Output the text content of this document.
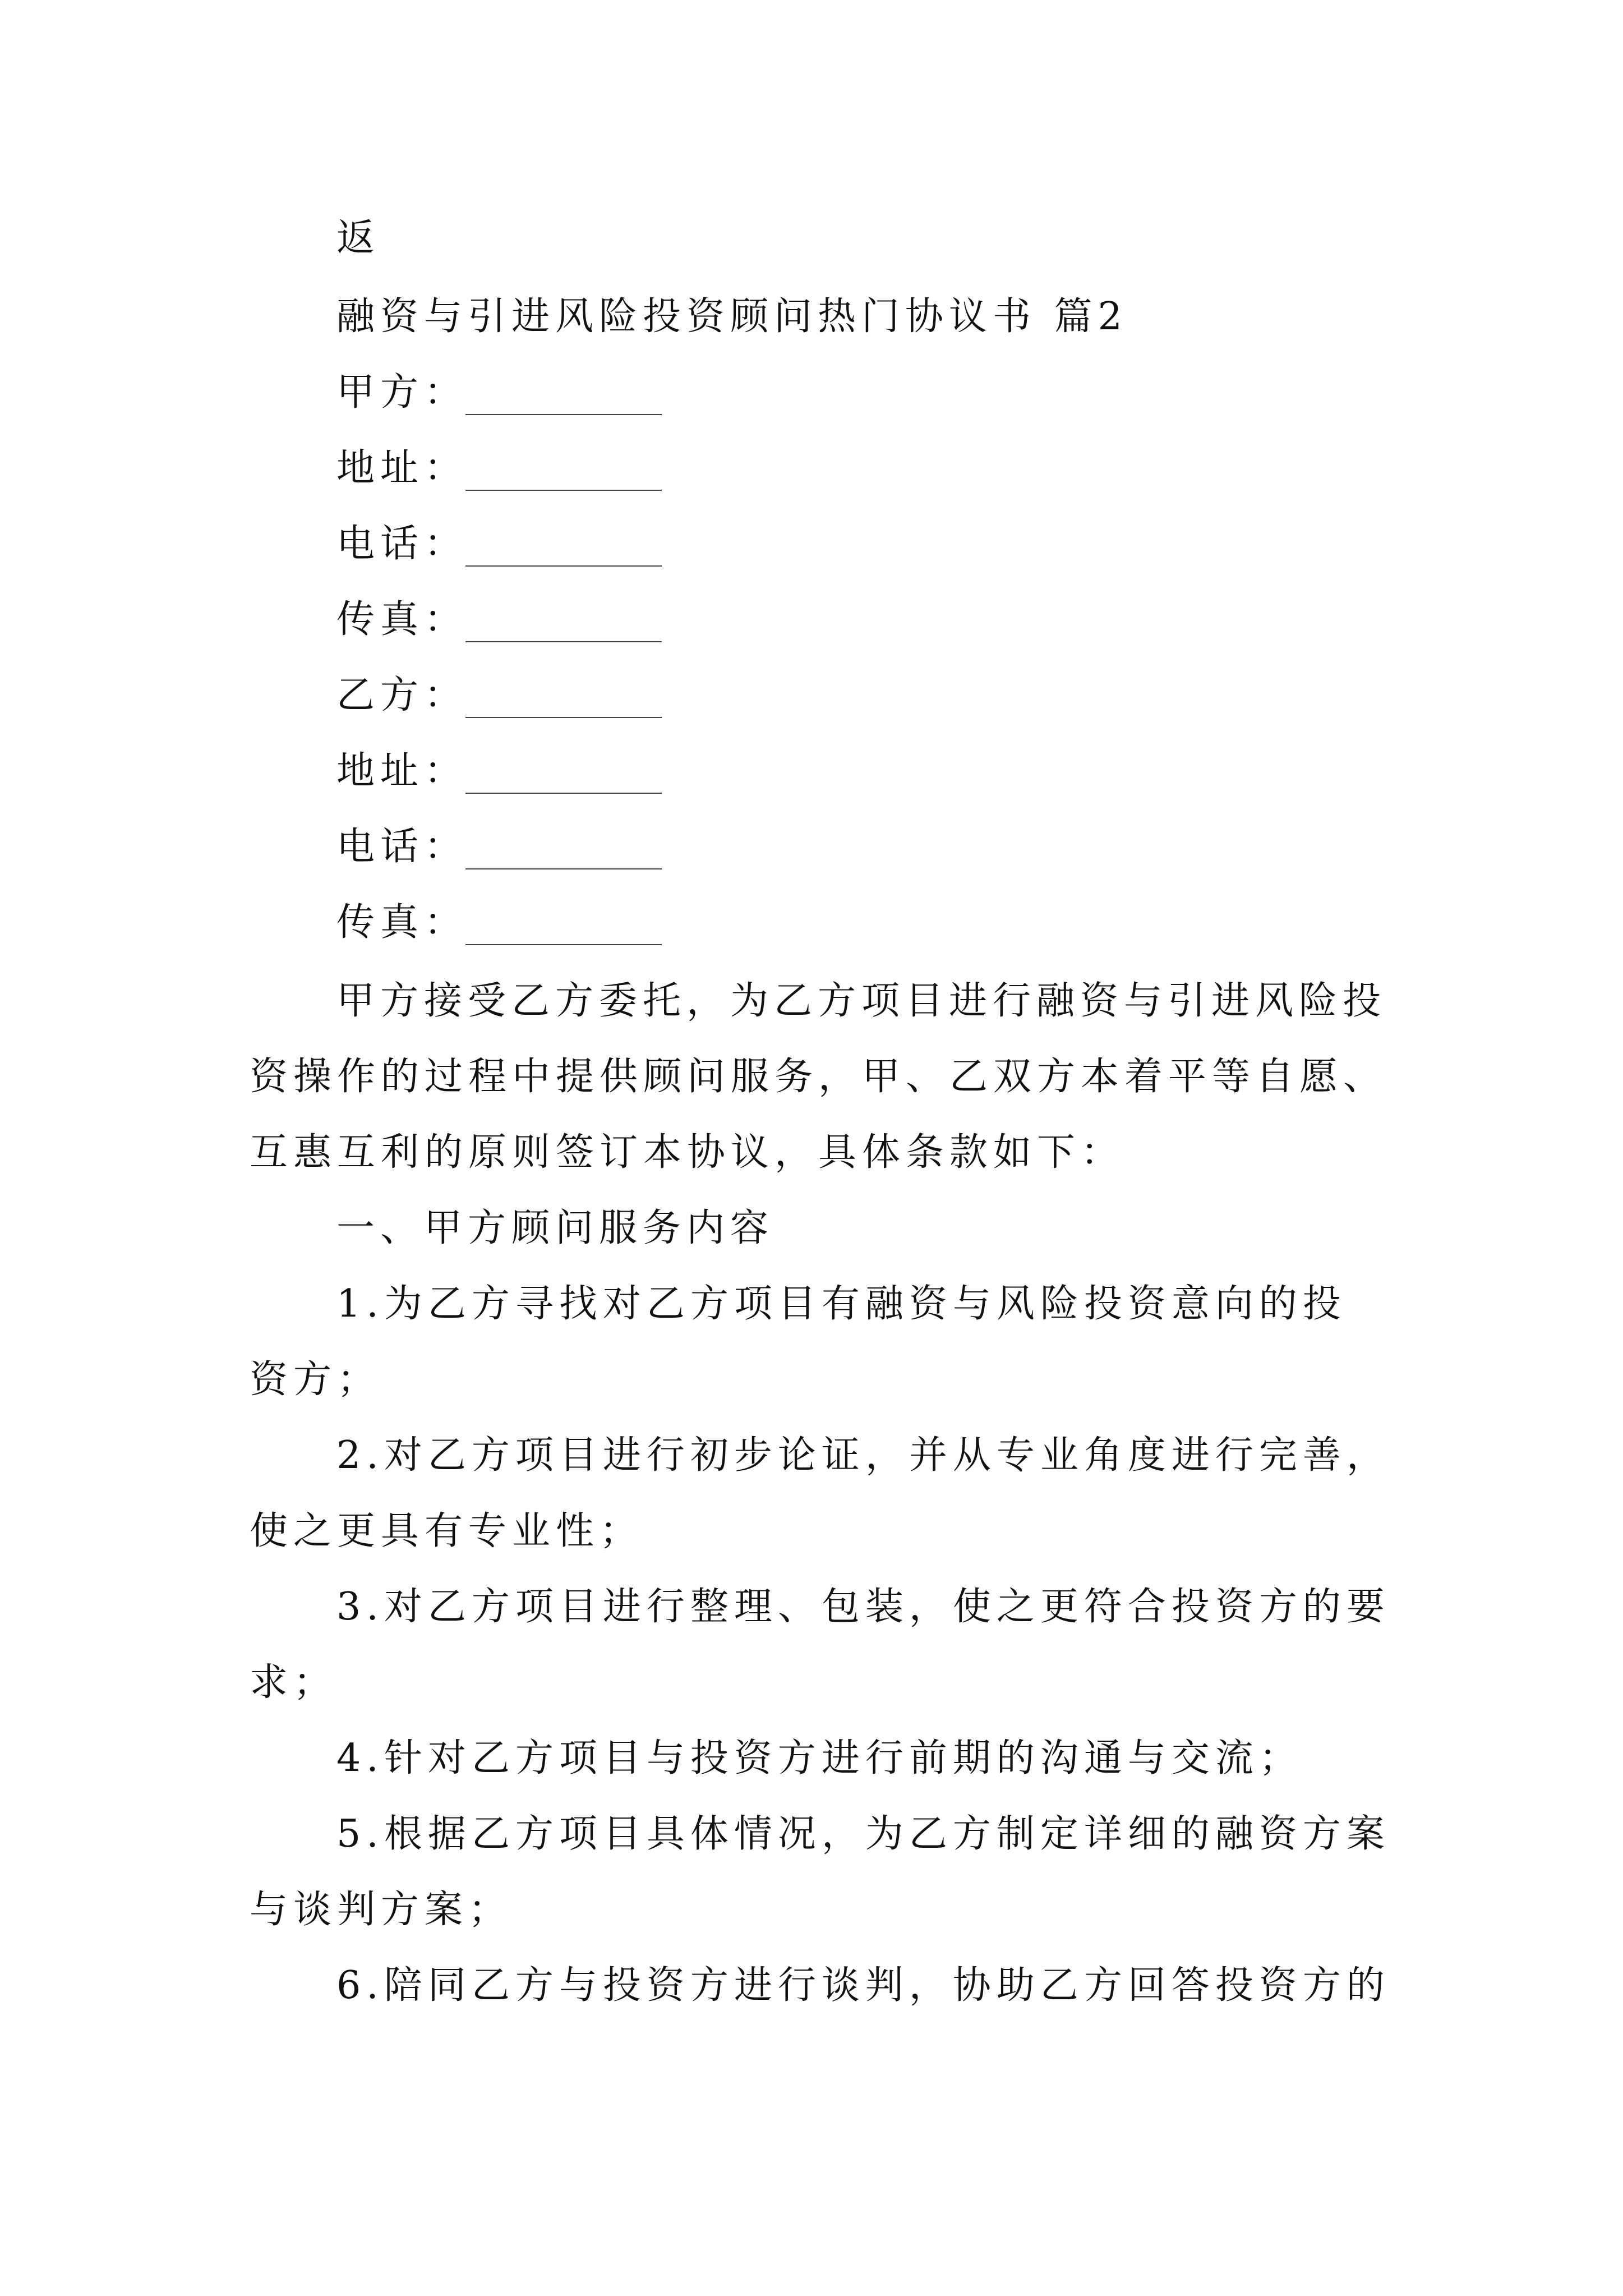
返
融资与引进风险投资顾问热门协议书 篇2
甲方：
地址：
电话：
传真：
乙方：
地址：
电话：
传真：
甲方接受乙方委托，为乙方项目进行融资与引进风险投
资操作的过程中提供顾问服务，甲、乙双方本着平等自愿、
互惠互利的原则签订本协议，具体条款如下：
一、甲方顾问服务内容
1.为乙方寻找对乙方项目有融资与风险投资意向的投
资方；
2.对乙方项目进行初步论证，并从专业角度进行完善，
使之更具有专业性；
3.对乙方项目进行整理、包装，使之更符合投资方的要
求；
4.针对乙方项目与投资方进行前期的沟通与交流；
5.根据乙方项目具体情况，为乙方制定详细的融资方案
与谈判方案；
6.陪同乙方与投资方进行谈判，协助乙方回答投资方的
